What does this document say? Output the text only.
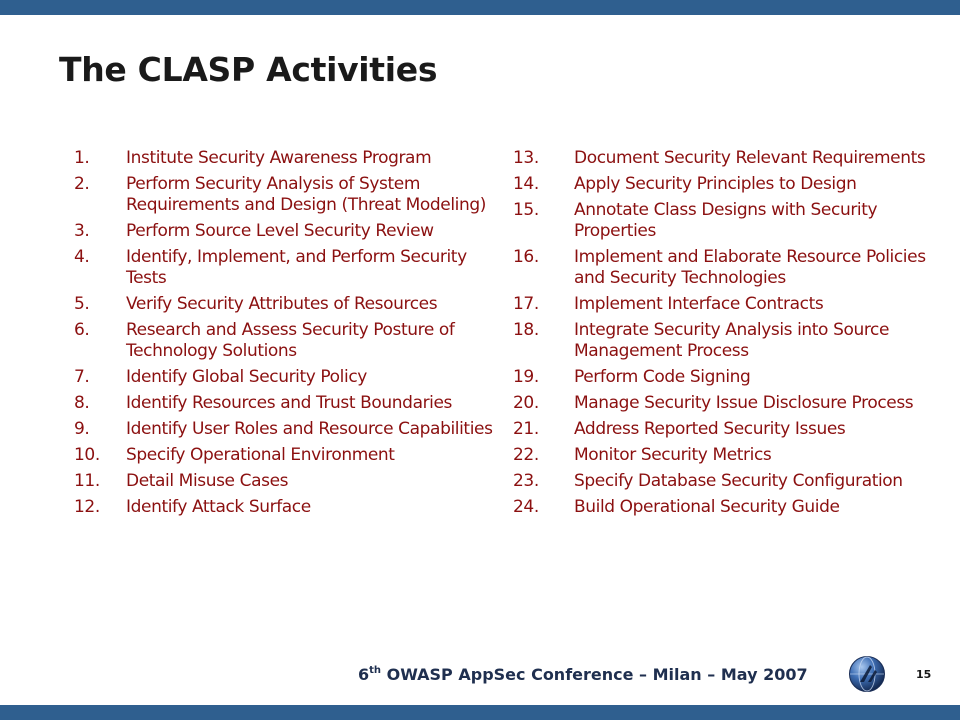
The CLASP Activities
1.	Institute Security Awareness Program
2.	Perform Security Analysis of System Requirements and Design (Threat Modeling)
3.	Perform Source Level Security Review
4.	Identify, Implement, and Perform Security Tests
5.	Verify Security Attributes of Resources
6.	Research and Assess Security Posture of Technology Solutions
7.	Identify Global Security Policy
8.	Identify Resources and Trust Boundaries
9.	Identify User Roles and Resource Capabilities
10.	Specify Operational Environment
11.	Detail Misuse Cases
12.	Identify Attack Surface
13.	Document Security Relevant Requirements
14.	Apply Security Principles to Design
15.	Annotate Class Designs with Security Properties
16.	Implement and Elaborate Resource Policies and Security Technologies
17.	Implement Interface Contracts
18.	Integrate Security Analysis into Source Management Process
19.	Perform Code Signing
20.	Manage Security Issue Disclosure Process
21.	Address Reported Security Issues
22.	Monitor Security Metrics
23.	Specify Database Security Configuration
24.	Build Operational Security Guide
6th OWASP AppSec Conference – Milan – May 2007	15
